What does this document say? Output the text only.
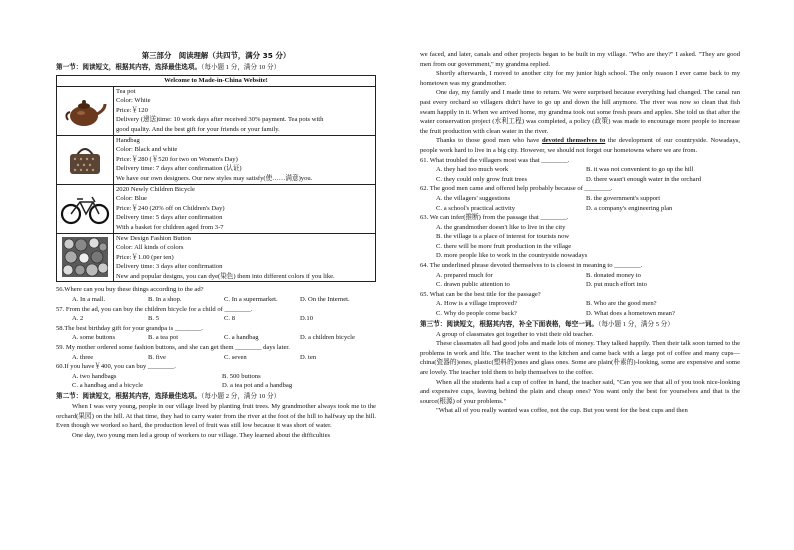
第三部分　阅读理解（共四节，满分 35 分）
第一节：阅读短文，根据其内容，选择最佳选项。（每小题 1 分，满分 10 分）
Welcome to Made-in-China Website!	

Tea pot
Color: White
Price:￥120
Delivery (递送)time: 10 work days after received 30% payment. Tea pots with
good quality. And the best gift for your friends or your family.

Handbag
Color: Black and white
Price:￥280 (￥520 for two on Women's Day)
Delivery time: 7 days after confirmation (认证)
We have our own designers. Our new styles may satisfy(使……满意)you.

2020 Newly Children Bicycle
Color: Blue
Price:￥240 (20% off on Children's Day)
Delivery time: 5 days after confirmation
With a basket for children aged from 3-7

New Design Fashion Button
Color: All kinds of colors
Price:￥1.00 (per ten)
Delivery time: 3 days after confirmation
New and popular designs, you can dye(染色) them into different colors if you like.
56.Where can you buy these things according to the ad?
A. In a mall.	B. In a shop.	C. In a supermarket.	D. On the Internet.
57. From the ad, you can buy the children bicycle for a child of ________.
A. 2	B. 5	C. 8	D.10
58.The best birthday gift for your grandpa is ________.
A. some buttons	B. a tea pot	C. a handbag	D. a children bicycle
59. My mother ordered some fashion buttons, and she can get them ________ days later.
A. three	B. five	C. seven	D. ten
60.If you have￥400, you can buy ________.
A. two handbags	B. 500 buttons
C. a handbag and a bicycle	D. a tea pot and a handbag
第二节：阅读短文，根据其内容，选择最佳选项。（每小题 2 分，满分 10 分）

When I was very young, people in our village lived by planting fruit trees. My grandmother always took me to the orchard(果园) on the hill. At that time, they had to carry water from the river at the foot of the hill to halfway up the hill. Even though we worked so hard, the production level of fruit was still low because it was short of water.

One day, two young men led a group of workers to our village. They learned about the difficulties

we faced, and later, canals and other projects began to be built in my village. "Who are they?" I asked. "They are good men from our government," my grandma replied.

Shortly afterwards, I moved to another city for my junior high school. The only reason I ever came back to my hometown was my grandmother.

One day, my family and I made time to return. We were surprised because everything had changed. The canal ran past every orchard so villagers didn't have to go up and down the hill anymore. The river was now so clean that fish swam happily in it. When we arrived home, my grandma took out some fresh pears and apples. She told us that after the water conservation project (水利工程) was completed, a policy (政策) was made to encourage more people to increase the fruit production with clean water in the river.

Thanks to those good men who have devoted themselves to the development of our countryside. Nowadays, people work hard to live in a big city. However, we should not forget our hometowns where we are from.

61. What troubled the villagers most was that ________.
A. they had too much work	B. it was not convenient to go up the hill
C. they could only grow fruit trees	D. there wasn't enough water in the orchard
62. The good men came and offered help probably because of ________.
A. the villagers' suggestions	B. the government's support
C. a school's practical activity	D. a company's engineering plan
63. We can infer(推断) from the passage that ________.
A. the grandmother doesn't like to live in the city
B. the village is a place of interest for tourists now
C. there will be more fruit production in the village
D. more people like to work in the countryside nowadays
64. The underlined phrase devoted themselves to is closest in meaning to ________.
A. prepared much for	B. donated money to
C. drawn public attention to	D. put much effort into
65. What can be the best title for the passage?
A. How is a village improved?	B. Who are the good men?
C. Why do people come back?	D. What does a hometown mean?
第三节：阅读短文，根据其内容，补全下面表格，每空一词。（每小题 1 分，满分 5 分）

A group of classmates got together to visit their old teacher.

These classmates all had good jobs and made lots of money. They talked happily. Then their talk soon turned to the problems in work and life. The teacher went to the kitchen and came back with a large pot of coffee and many cups—china(瓷器的)ones, plastic(塑料的)ones and glass ones. Some are plain(朴素的)-looking, some are expensive and some are lovely. The teacher told them to help themselves to the coffee.

When all the students had a cup of coffee in hand, the teacher said, "Can you see that all of you took nice-looking and expensive cups, leaving behind the plain and cheap ones? You want only the best for yourselves and that is the source(根源) of your problems."

"What all of you really wanted was coffee, not the cup. But you went for the best cups and then
